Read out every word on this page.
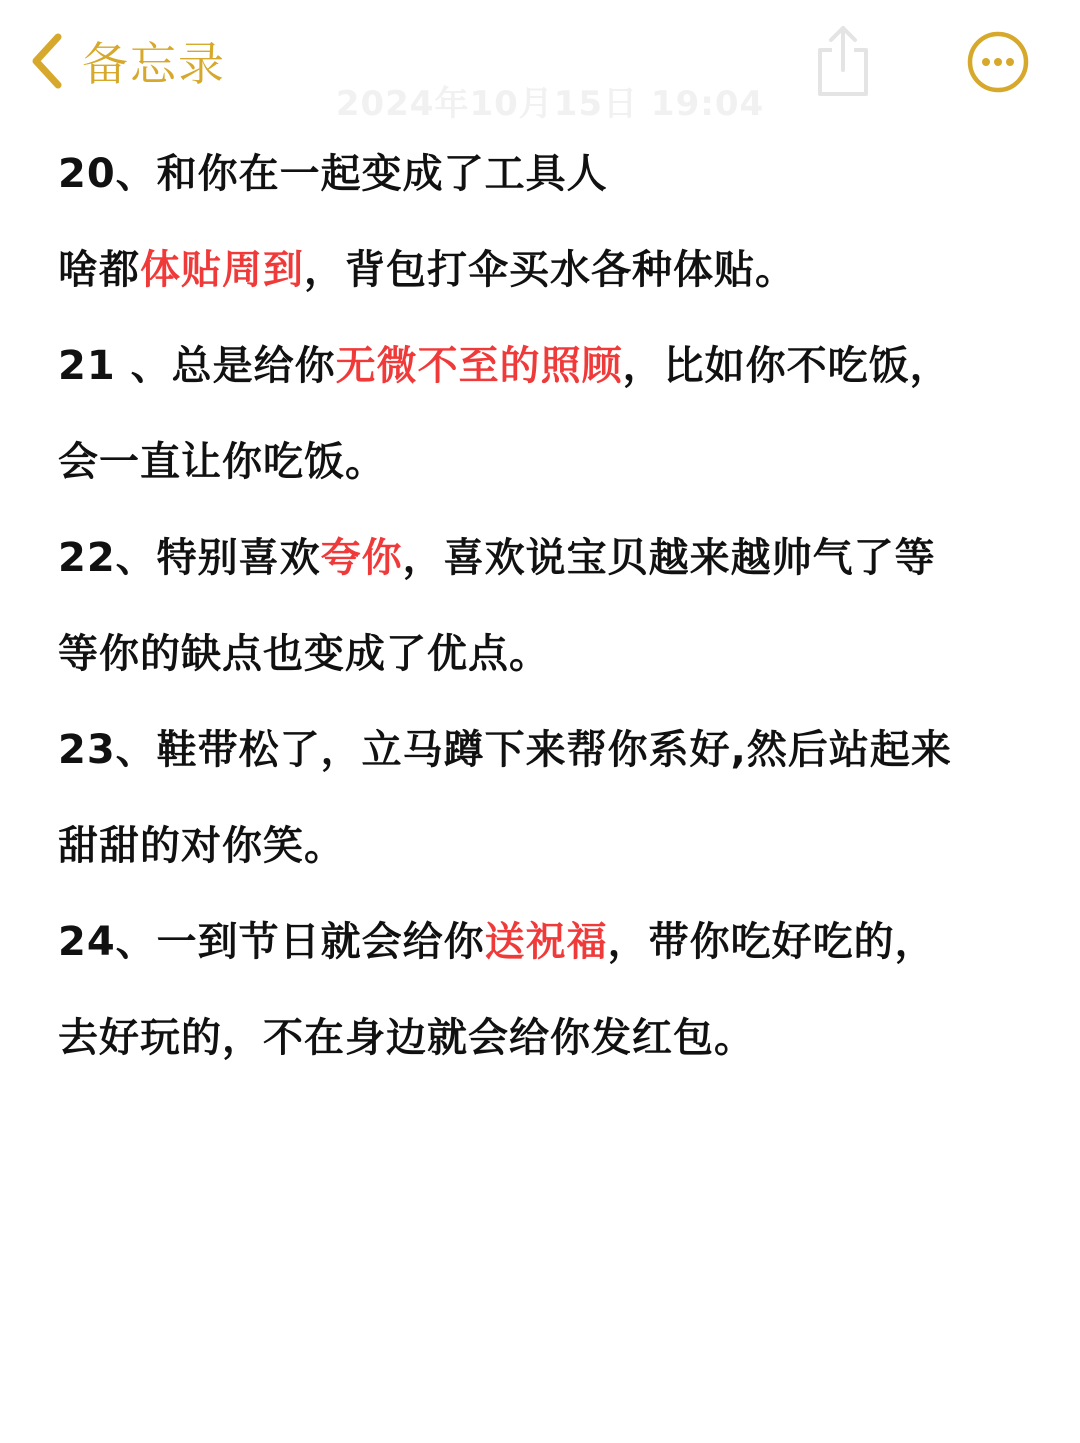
备忘录
2024年10月15日 19:04
20、和你在一起变成了工具人
啥都体贴周到，背包打伞买水各种体贴。
21 、总是给你无微不至的照顾，比如你不吃饭，
会一直让你吃饭。
22、特别喜欢夸你，喜欢说宝贝越来越帅气了等
等你的缺点也变成了优点。
23、鞋带松了，立马蹲下来帮你系好,然后站起来
甜甜的对你笑。
24、一到节日就会给你送祝福，带你吃好吃的，
去好玩的，不在身边就会给你发红包。
